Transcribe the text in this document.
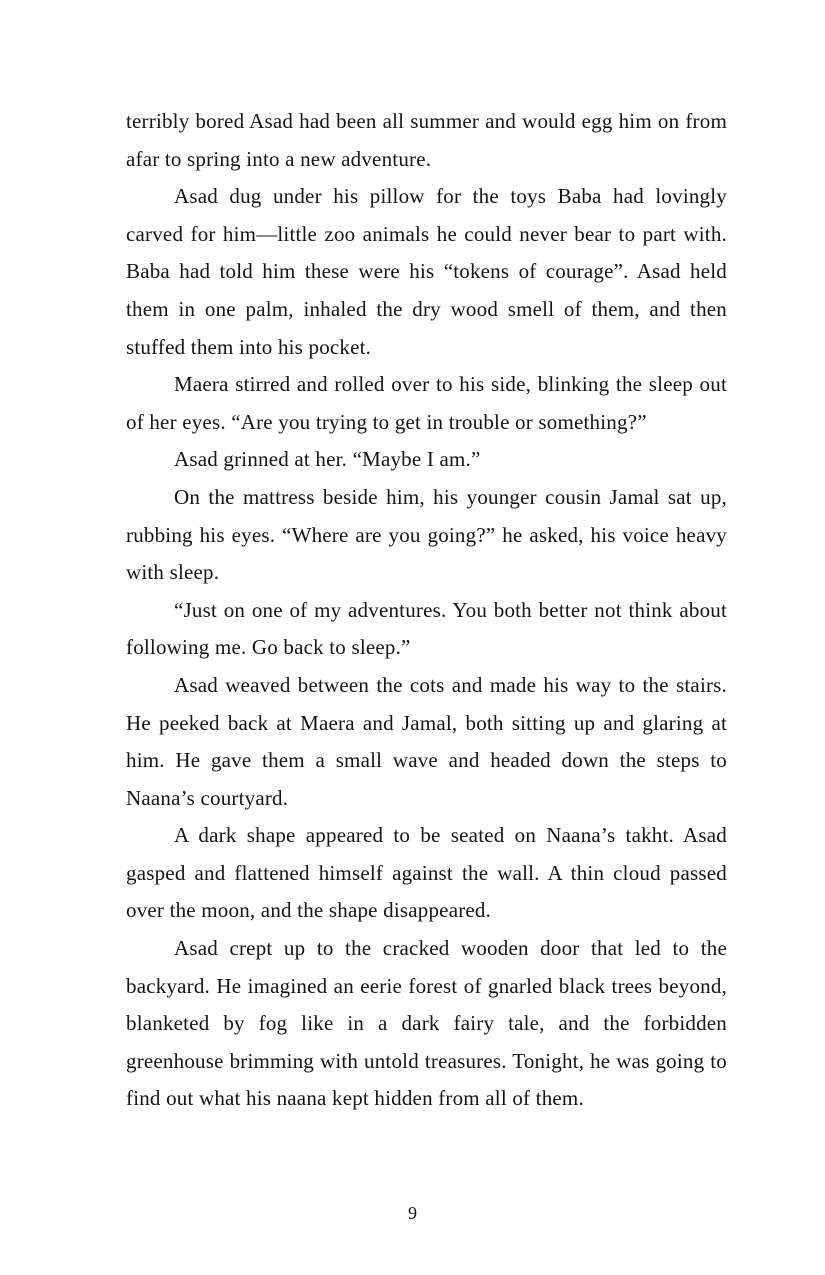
terribly bored Asad had been all summer and would egg him on from afar to spring into a new adventure.

Asad dug under his pillow for the toys Baba had lovingly carved for him—little zoo animals he could never bear to part with. Baba had told him these were his “tokens of courage”. Asad held them in one palm, inhaled the dry wood smell of them, and then stuffed them into his pocket.

Maera stirred and rolled over to his side, blinking the sleep out of her eyes. “Are you trying to get in trouble or something?”

Asad grinned at her. “Maybe I am.”

On the mattress beside him, his younger cousin Jamal sat up, rubbing his eyes. “Where are you going?” he asked, his voice heavy with sleep.

“Just on one of my adventures. You both better not think about following me. Go back to sleep.”

Asad weaved between the cots and made his way to the stairs. He peeked back at Maera and Jamal, both sitting up and glaring at him. He gave them a small wave and headed down the steps to Naana’s courtyard.

A dark shape appeared to be seated on Naana’s takht. Asad gasped and flattened himself against the wall. A thin cloud passed over the moon, and the shape disappeared.

Asad crept up to the cracked wooden door that led to the backyard. He imagined an eerie forest of gnarled black trees beyond, blanketed by fog like in a dark fairy tale, and the forbidden greenhouse brimming with untold treasures. Tonight, he was going to find out what his naana kept hidden from all of them.

9
